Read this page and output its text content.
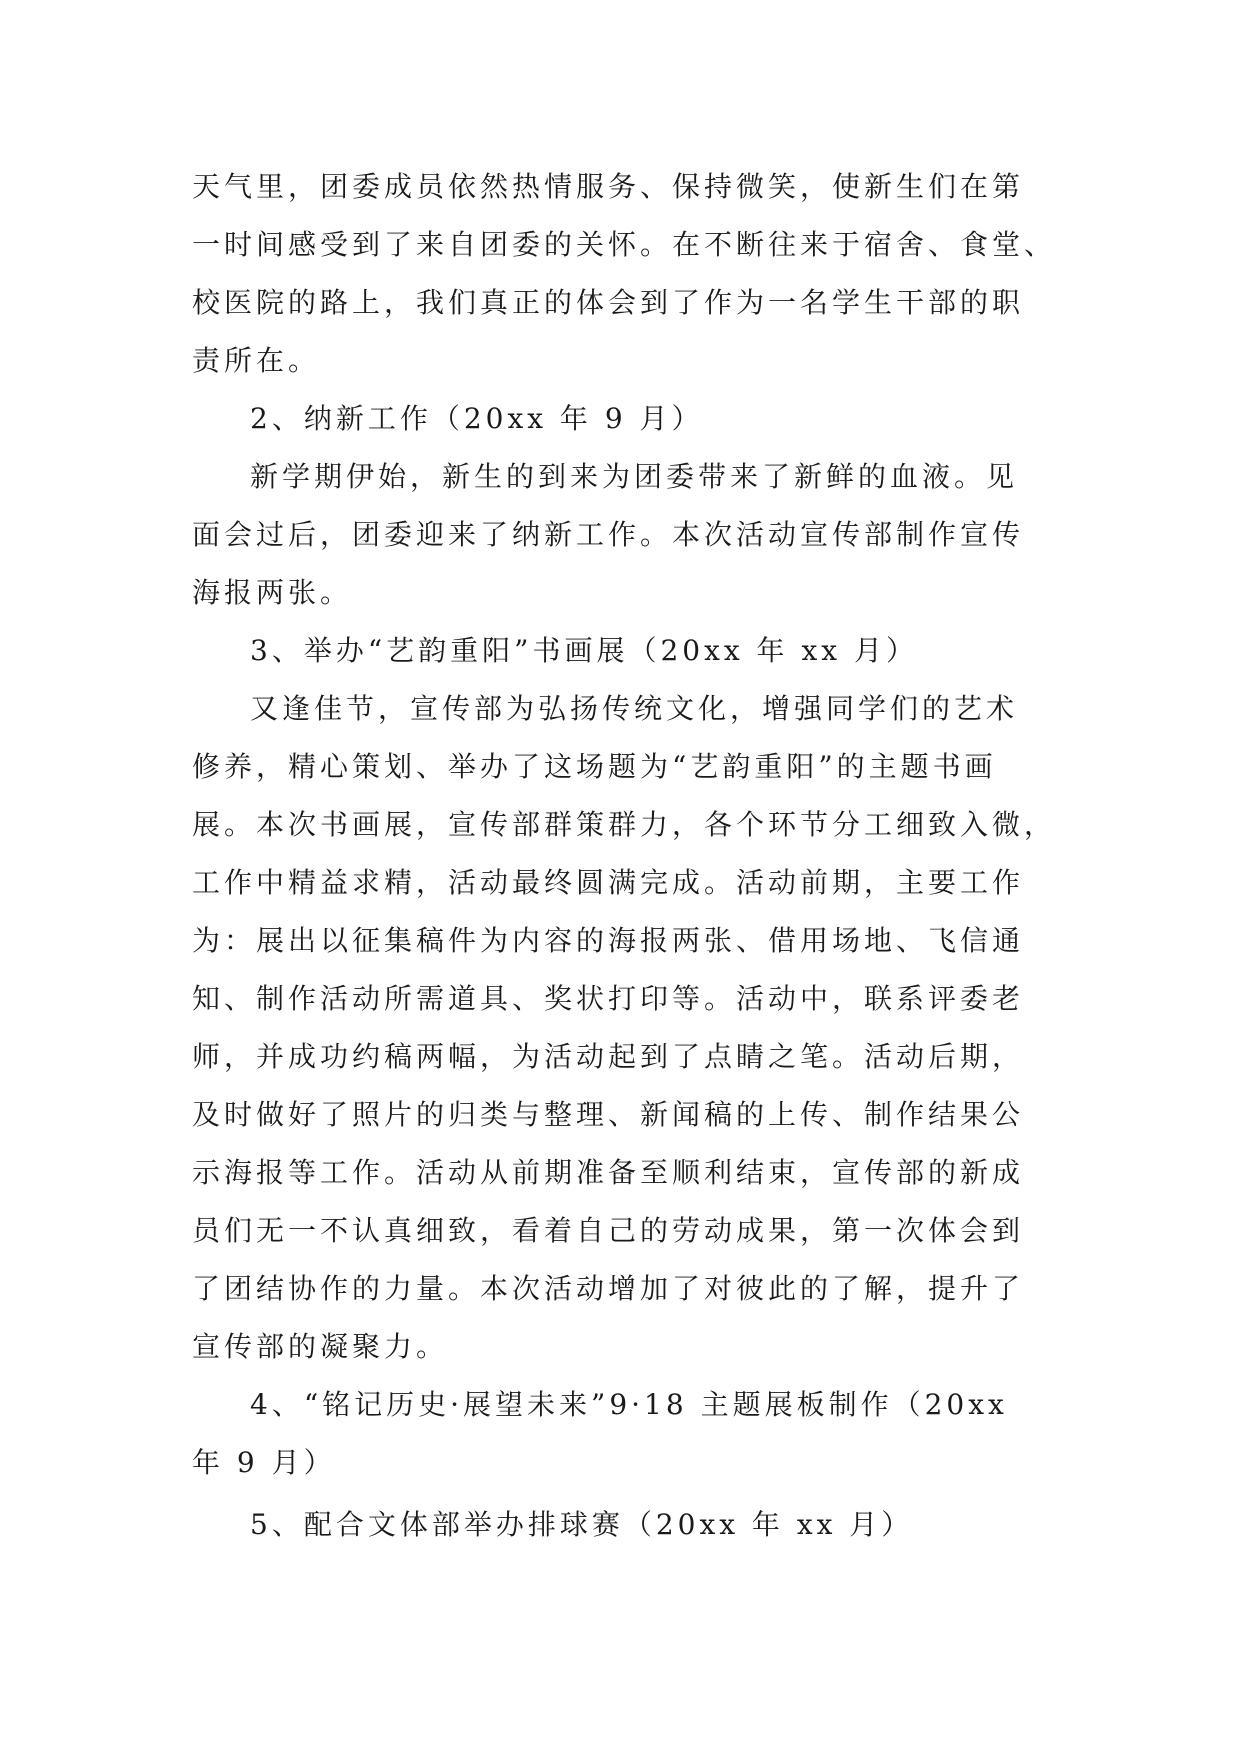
天气里，团委成员依然热情服务、保持微笑，使新生们在第
一时间感受到了来自团委的关怀。在不断往来于宿舍、食堂、
校医院的路上，我们真正的体会到了作为一名学生干部的职
责所在。
2、纳新工作（20xx 年 9 月）
新学期伊始，新生的到来为团委带来了新鲜的血液。见
面会过后，团委迎来了纳新工作。本次活动宣传部制作宣传
海报两张。
3、举办“艺韵重阳”书画展（20xx 年 xx 月）
又逢佳节，宣传部为弘扬传统文化，增强同学们的艺术
修养，精心策划、举办了这场题为“艺韵重阳”的主题书画
展。本次书画展，宣传部群策群力，各个环节分工细致入微，
工作中精益求精，活动最终圆满完成。活动前期，主要工作
为：展出以征集稿件为内容的海报两张、借用场地、飞信通
知、制作活动所需道具、奖状打印等。活动中，联系评委老
师，并成功约稿两幅，为活动起到了点睛之笔。活动后期，
及时做好了照片的归类与整理、新闻稿的上传、制作结果公
示海报等工作。活动从前期准备至顺利结束，宣传部的新成
员们无一不认真细致，看着自己的劳动成果，第一次体会到
了团结协作的力量。本次活动增加了对彼此的了解，提升了
宣传部的凝聚力。
4、“铭记历史·展望未来”9·18 主题展板制作（20xx
年 9 月）
5、配合文体部举办排球赛（20xx 年 xx 月）
